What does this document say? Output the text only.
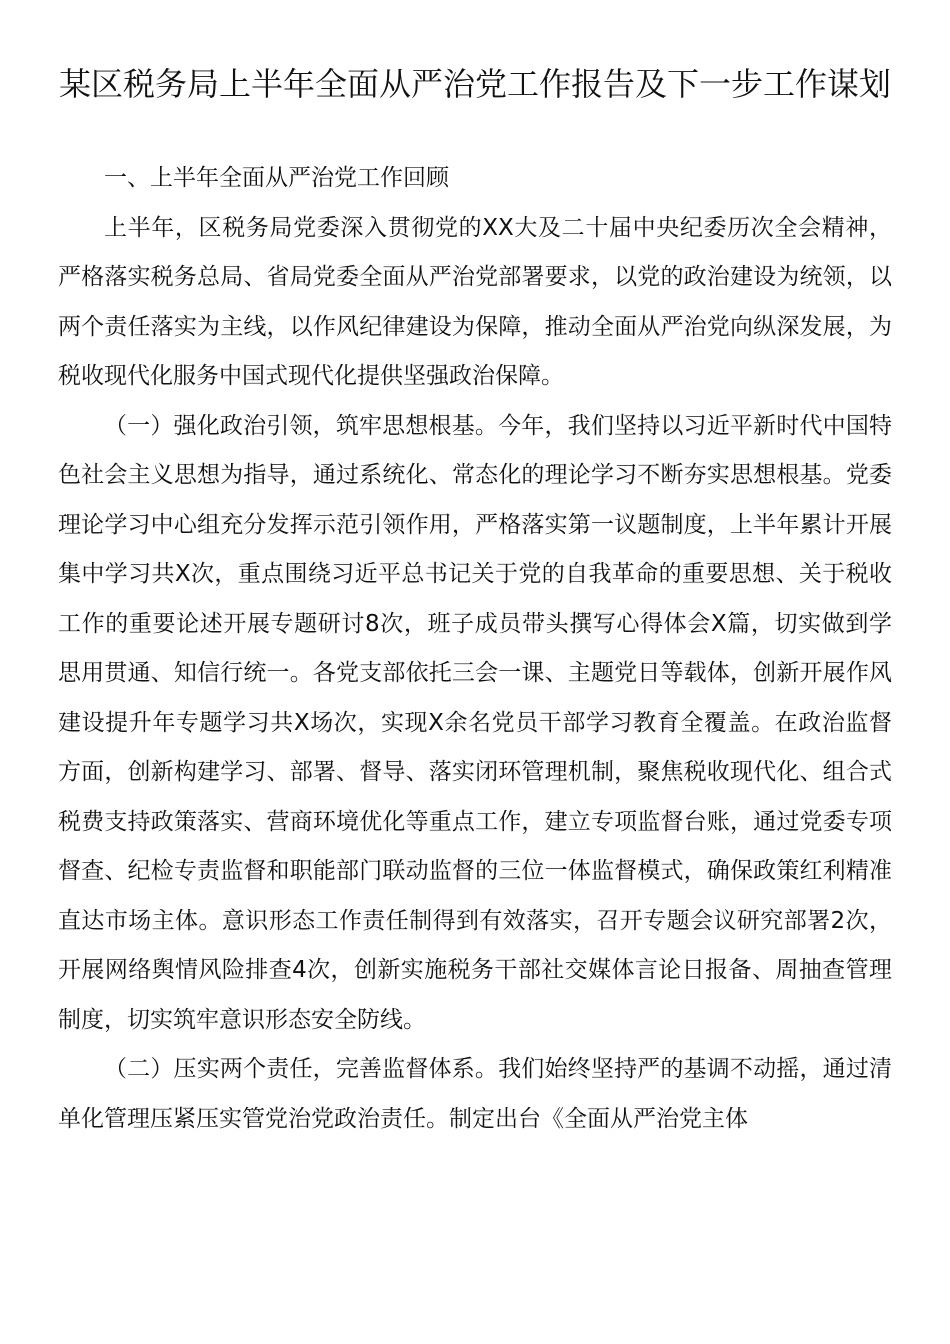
某区税务局上半年全面从严治党工作报告及下一步工作谋划

一、上半年全面从严治党工作回顾

上半年，区税务局党委深入贯彻党的XX大及二十届中央纪委历次全会精神，严格落实税务总局、省局党委全面从严治党部署要求，以党的政治建设为统领，以两个责任落实为主线，以作风纪律建设为保障，推动全面从严治党向纵深发展，为税收现代化服务中国式现代化提供坚强政治保障。

（一）强化政治引领，筑牢思想根基。今年，我们坚持以习近平新时代中国特色社会主义思想为指导，通过系统化、常态化的理论学习不断夯实思想根基。党委理论学习中心组充分发挥示范引领作用，严格落实第一议题制度，上半年累计开展集中学习共X次，重点围绕习近平总书记关于党的自我革命的重要思想、关于税收工作的重要论述开展专题研讨8次，班子成员带头撰写心得体会X篇，切实做到学思用贯通、知信行统一。各党支部依托三会一课、主题党日等载体，创新开展作风建设提升年专题学习共X场次，实现X余名党员干部学习教育全覆盖。在政治监督方面，创新构建学习、部署、督导、落实闭环管理机制，聚焦税收现代化、组合式税费支持政策落实、营商环境优化等重点工作，建立专项监督台账，通过党委专项督查、纪检专责监督和职能部门联动监督的三位一体监督模式，确保政策红利精准直达市场主体。意识形态工作责任制得到有效落实，召开专题会议研究部署2次，开展网络舆情风险排查4次，创新实施税务干部社交媒体言论日报备、周抽查管理制度，切实筑牢意识形态安全防线。

（二）压实两个责任，完善监督体系。我们始终坚持严的基调不动摇，通过清单化管理压紧压实管党治党政治责任。制定出台《全面从严治党主体
